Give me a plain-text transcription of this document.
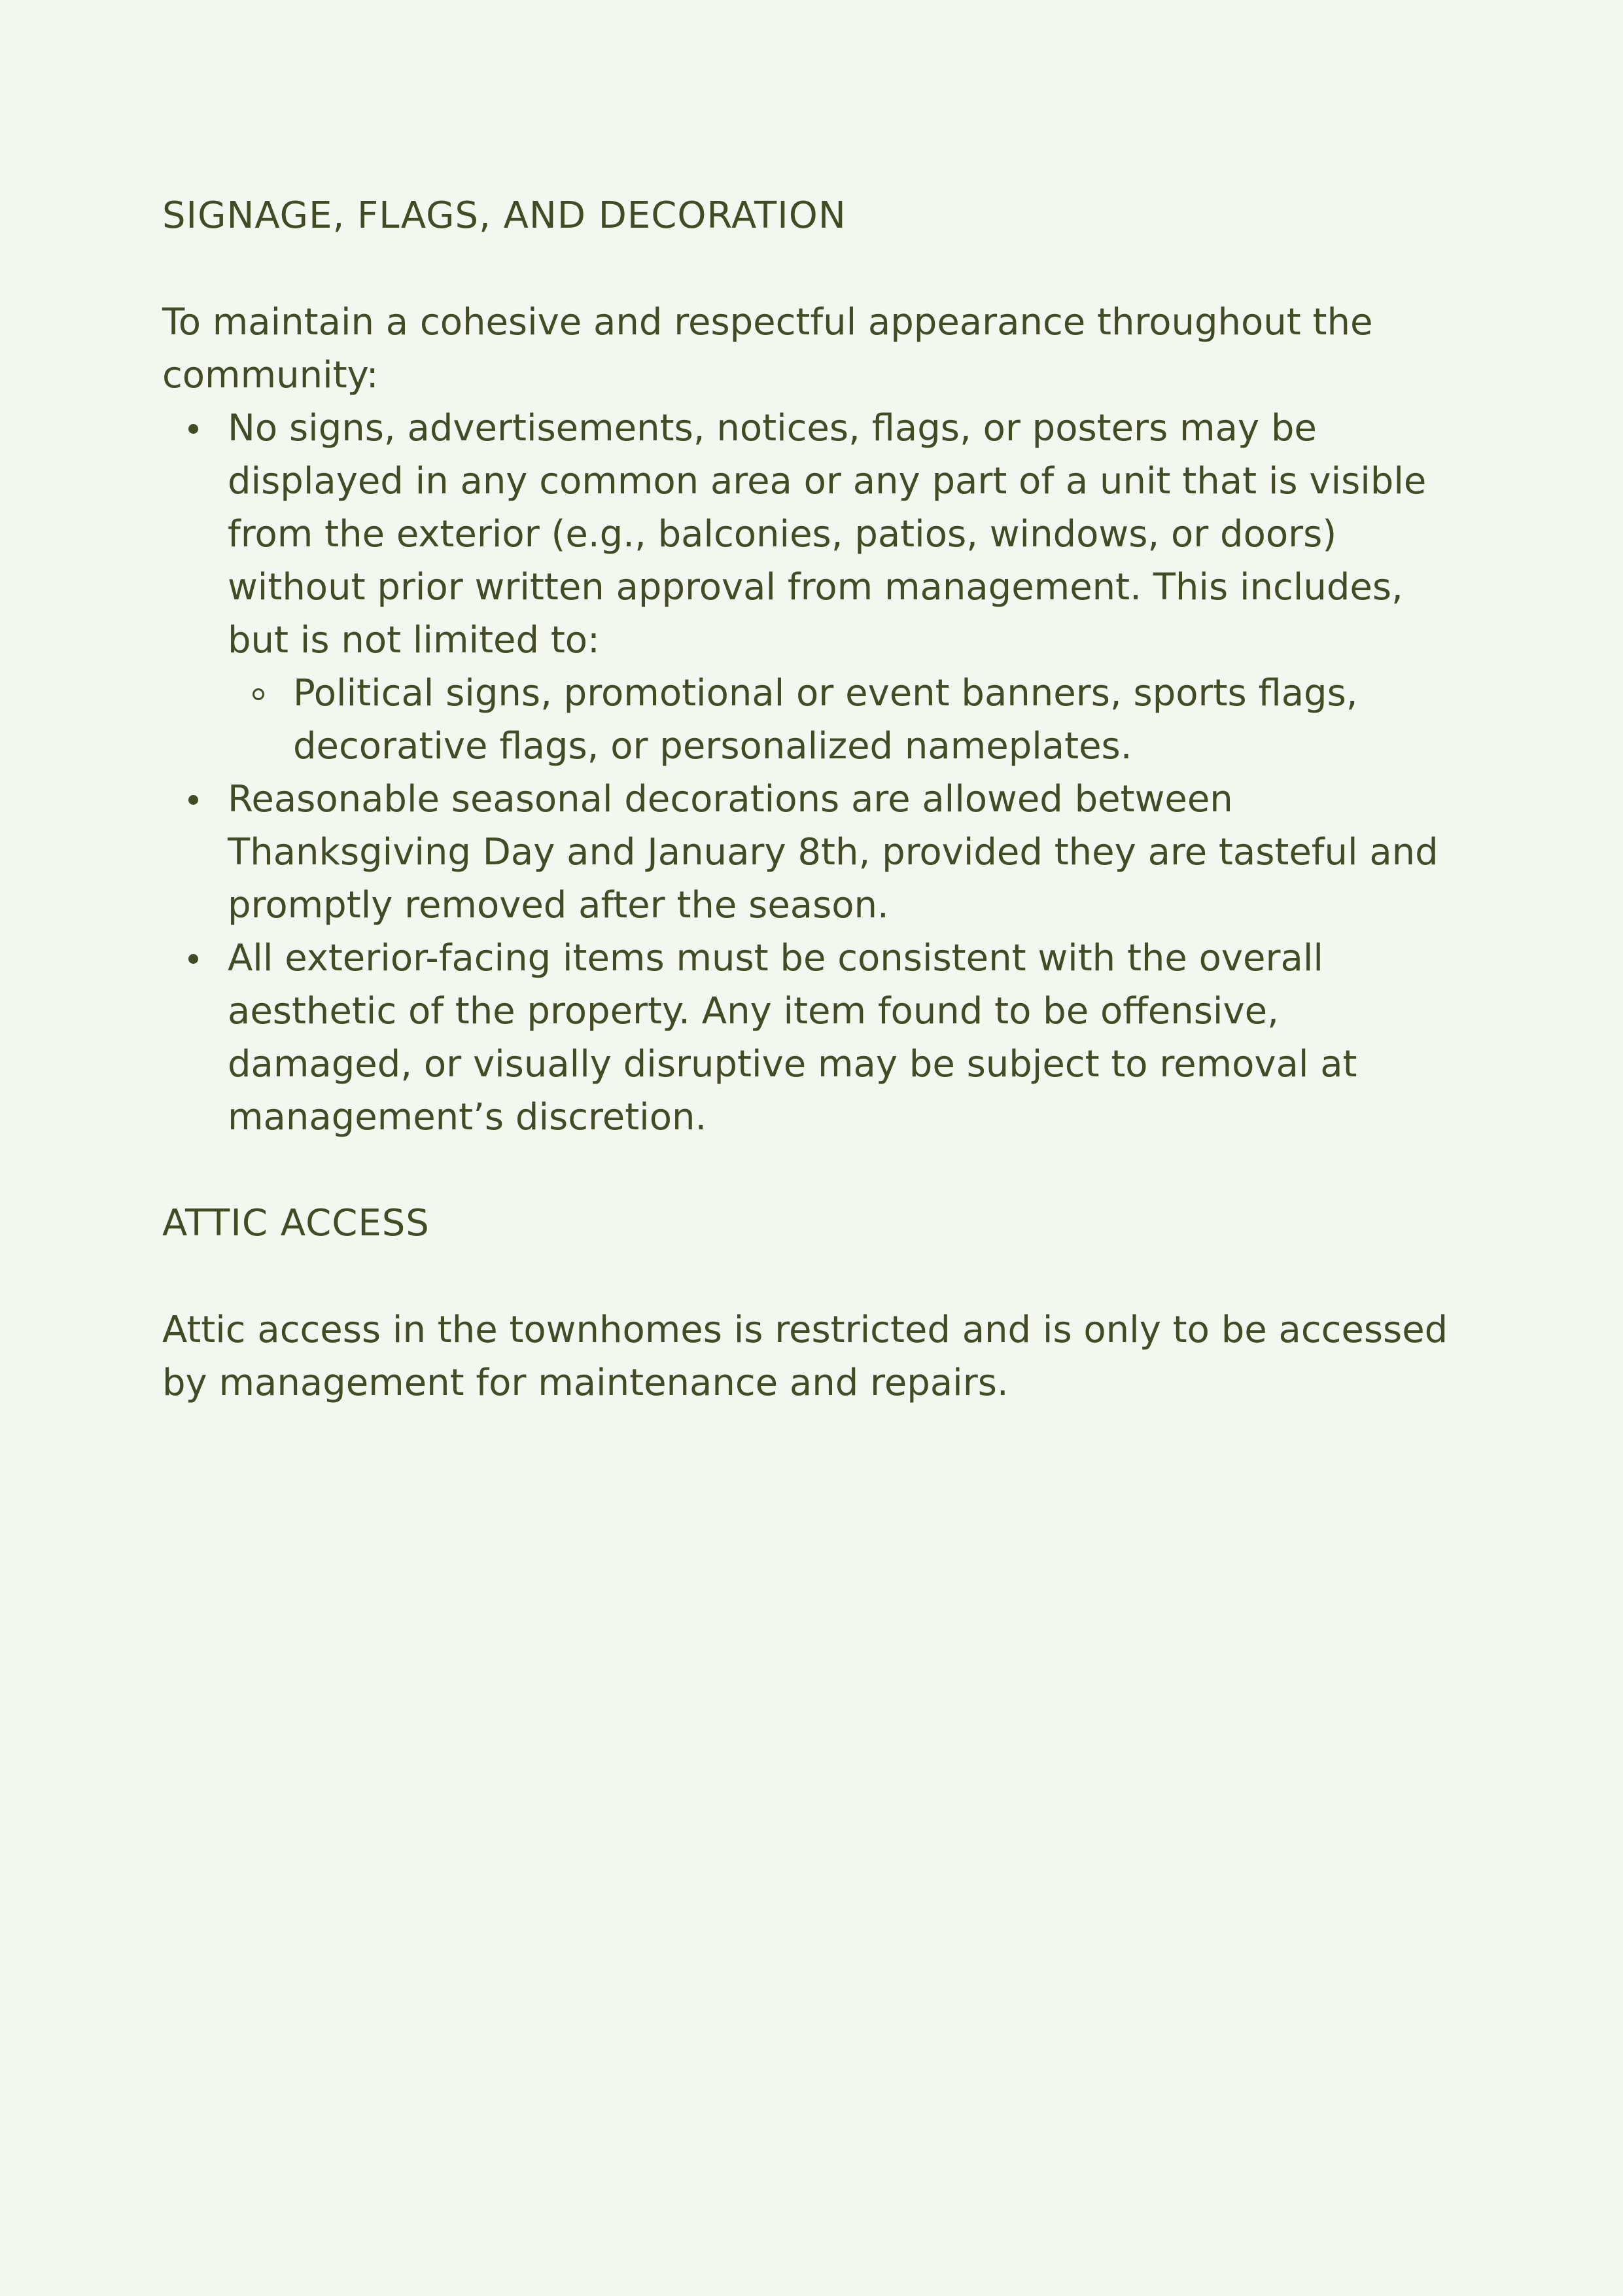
SIGNAGE, FLAGS, AND DECORATION

To maintain a cohesive and respectful appearance throughout the community:

No signs, advertisements, notices, flags, or posters may be displayed in any common area or any part of a unit that is visible from the exterior (e.g., balconies, patios, windows, or doors) without prior written approval from management. This includes, but is not limited to:
Political signs, promotional or event banners, sports flags, decorative flags, or personalized nameplates.
Reasonable seasonal decorations are allowed between Thanksgiving Day and January 8th, provided they are tasteful and promptly removed after the season.
All exterior-facing items must be consistent with the overall aesthetic of the property. Any item found to be offensive, damaged, or visually disruptive may be subject to removal at management’s discretion.
ATTIC ACCESS

Attic access in the townhomes is restricted and is only to be accessed by management for maintenance and repairs.
